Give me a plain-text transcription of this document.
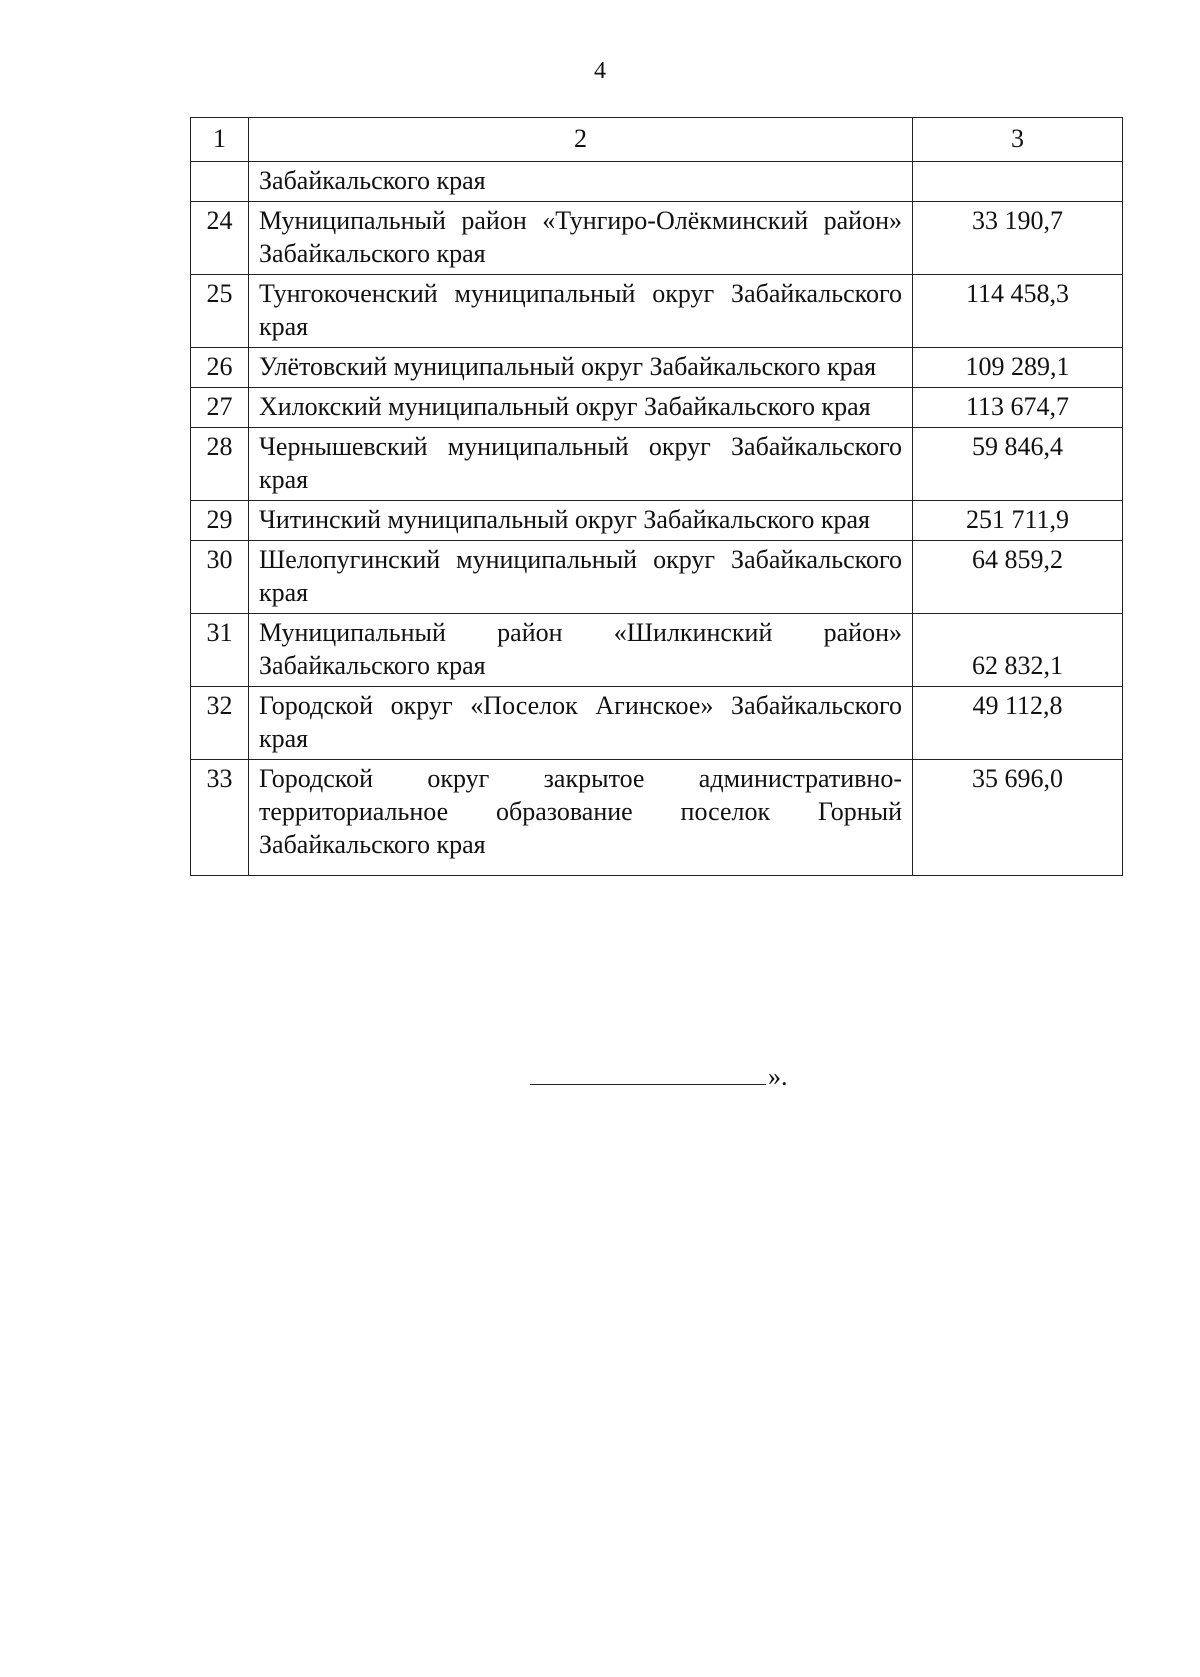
4
1	2	3
	Забайкальского края	
24	Муниципальный район «Тунгиро-Олёкминский район» Забайкальского края	33 190,7
25	Тунгокоченский муниципальный округ Забайкальского края	114 458,3
26	Улётовский муниципальный округ Забайкальского края	109 289,1
27	Хилокский муниципальный округ Забайкальского края	113 674,7
28	Чернышевский муниципальный округ Забайкальского края	59 846,4
29	Читинский муниципальный округ Забайкальского края	251 711,9
30	Шелопугинский муниципальный округ Забайкальского края	64 859,2
31	Муниципальный район «Шилкинский район» Забайкальского края	62 832,1
32	Городской округ «Поселок Агинское» Забайкальского края	49 112,8
33	Городской округ закрытое административно-территориальное образование поселок Горный Забайкальского края	35 696,0
».
